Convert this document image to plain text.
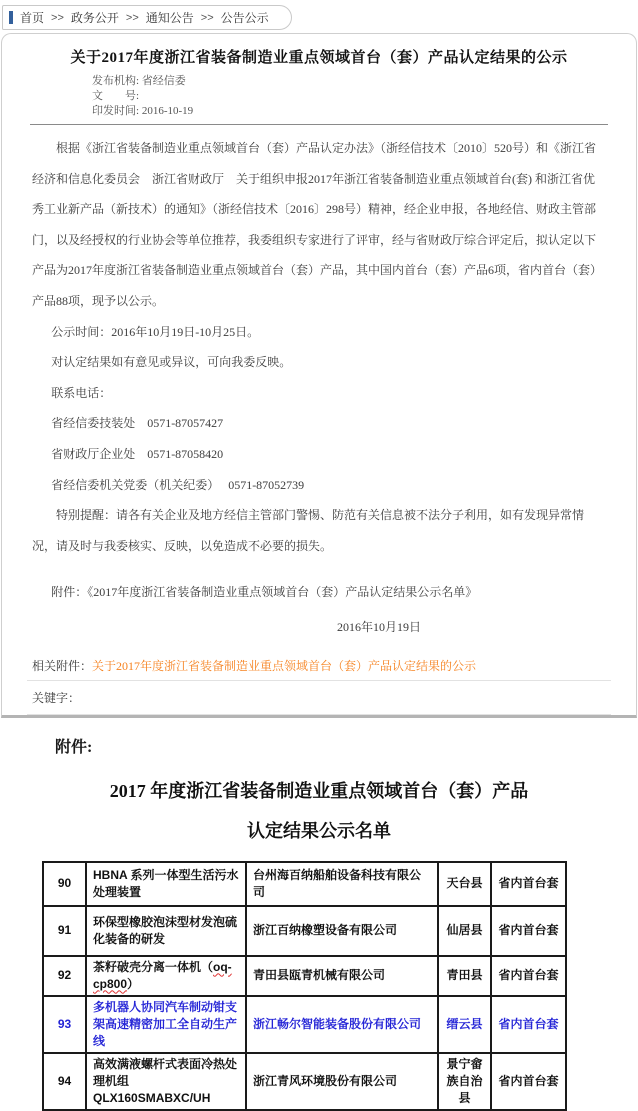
首页 >> 政务公开 >> 通知公告 >> 公告公示
关于2017年度浙江省装备制造业重点领域首台（套）产品认定结果的公示
发布机构: 省经信委
文　　号:
印发时间: 2016-10-19

根据《浙江省装备制造业重点领域首台（套）产品认定办法》（浙经信技术〔2010〕520号）和《浙江省经济和信息化委员会　浙江省财政厅　关于组织申报2017年浙江省装备制造业重点领域首台(套) 和浙江省优秀工业新产品（新技术）的通知》（浙经信技术〔2016〕298号）精神，经企业申报，各地经信、财政主管部门，以及经授权的行业协会等单位推荐，我委组织专家进行了评审，经与省财政厅综合评定后，拟认定以下产品为2017年度浙江省装备制造业重点领域首台（套）产品，其中国内首台（套）产品6项，省内首台（套）产品88项，现予以公示。

公示时间：2016年10月19日-10月25日。

对认定结果如有意见或异议，可向我委反映。

联系电话：

省经信委技装处　0571-87057427

省财政厅企业处　0571-87058420

省经信委机关党委（机关纪委）　 0571-87052739

特别提醒：请各有关企业及地方经信主管部门警惕、防范有关信息被不法分子利用，如有发现异常情况，请及时与我委核实、反映，以免造成不必要的损失。

附件：《2017年度浙江省装备制造业重点领域首台（套）产品认定结果公示名单》

2016年10月19日

相关附件：关于2017年度浙江省装备制造业重点领域首台（套）产品认定结果的公示
关键字：
附件:
2017 年度浙江省装备制造业重点领域首台（套）产品
认定结果公示名单
90	HBNA 系列一体型生活污水处理装置	台州海百纳船舶设备科技有限公司	天台县	省内首台套
91	环保型橡胶泡沫型材发泡硫化装备的研发	浙江百纳橡塑设备有限公司	仙居县	省内首台套
92	茶籽破壳分离一体机（oq-cp800）	青田县瓯青机械有限公司	青田县	省内首台套
93	多机器人协同汽车制动钳支架高速精密加工全自动生产线	浙江畅尔智能装备股份有限公司	缙云县	省内首台套
94	高效满液螺杆式表面冷热处理机组 QLX160SMABXC/UH	浙江青风环境股份有限公司	景宁畲族自治县	省内首台套
